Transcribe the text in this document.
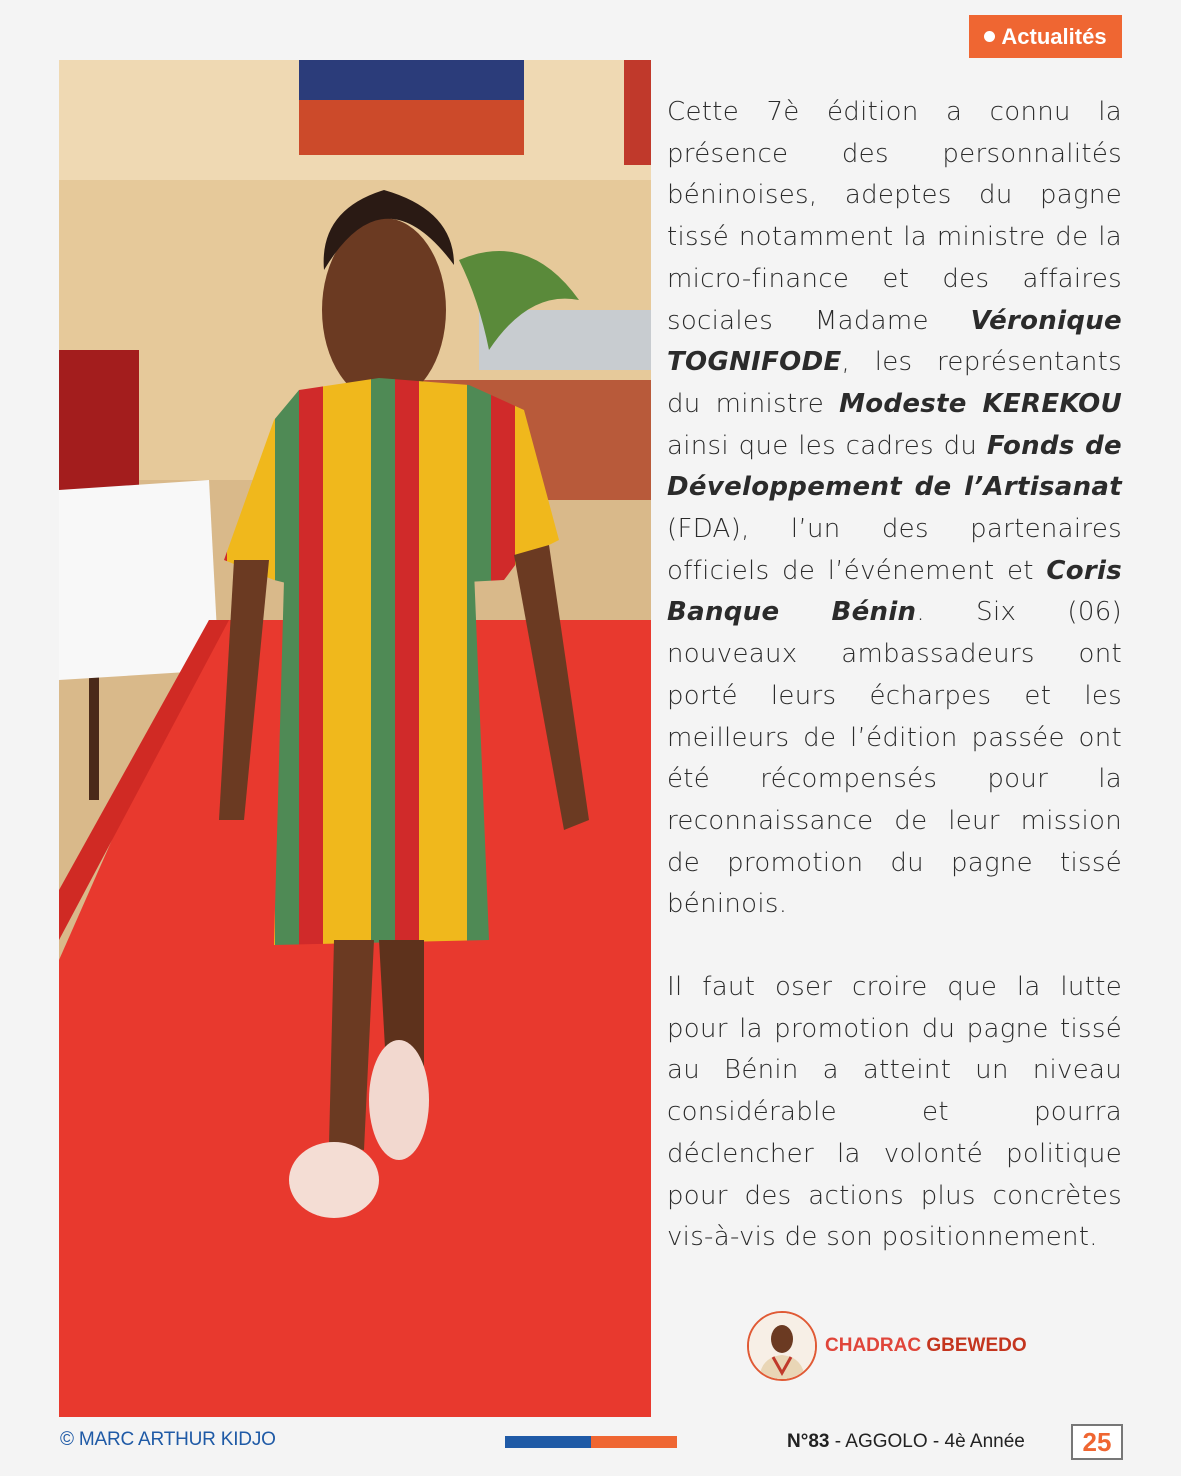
Actualités

Cette 7è édition a connu la présence des personnalités béninoises, adeptes du pagne tissé notamment la ministre de la micro-finance et des affaires sociales Madame Véronique TOGNIFODE, les représentants du ministre Modeste KEREKOU ainsi que les cadres du Fonds de Développement de l’Artisanat (FDA), l’un des partenaires officiels de l’événement et Coris Banque Bénin. Six (06) nouveaux ambassadeurs ont porté leurs écharpes et les meilleurs de l’édition passée ont été récompensés pour la reconnaissance de leur mission de promotion du pagne tissé béninois.

Il faut oser croire que la lutte pour la promotion du pagne tissé au Bénin a atteint un niveau considérable et pourra déclencher la volonté politique pour des actions plus concrètes vis-à-vis de son positionnement.

CHADRAC GBEWEDO
© MARC ARTHUR KIDJO	N°83 - AGGOLO - 4è Année	25
